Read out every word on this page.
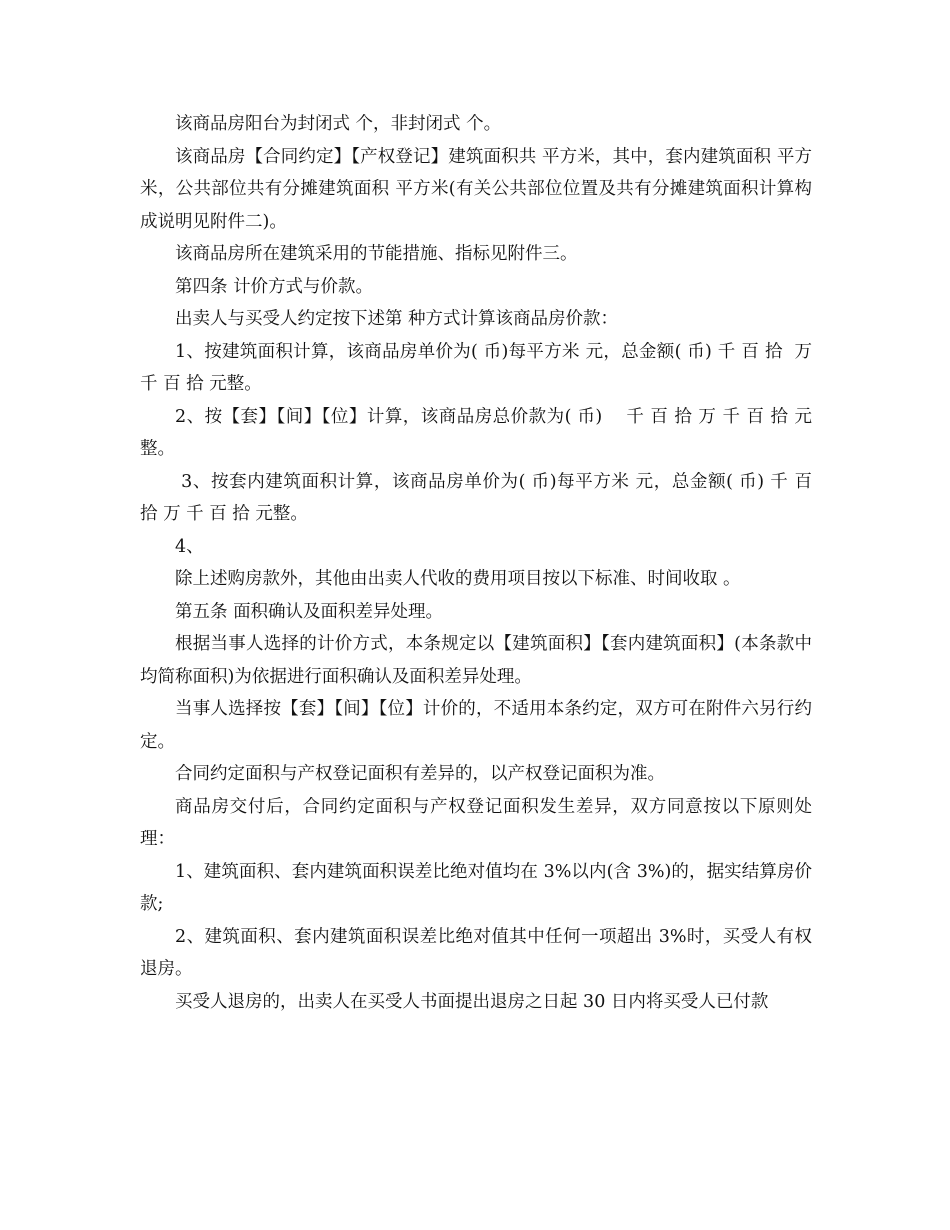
该商品房阳台为封闭式 个，非封闭式 个。

该商品房【合同约定】【产权登记】建筑面积共 平方米，其中，套内建筑面积 平方米，公共部位共有分摊建筑面积 平方米(有关公共部位位置及共有分摊建筑面积计算构成说明见附件二)。

该商品房所在建筑采用的节能措施、指标见附件三。

第四条 计价方式与价款。

出卖人与买受人约定按下述第 种方式计算该商品房价款：

1、按建筑面积计算，该商品房单价为( 币)每平方米 元，总金额( 币) 千 百 拾  万 千 百 拾 元整。

2、按【套】【间】【位】计算，该商品房总价款为( 币)    千 百 拾 万 千 百 拾 元整。

3、按套内建筑面积计算，该商品房单价为( 币)每平方米 元，总金额( 币) 千 百  拾 万 千 百 拾 元整。

4、

除上述购房款外，其他由出卖人代收的费用项目按以下标准、时间收取 。

第五条 面积确认及面积差异处理。

根据当事人选择的计价方式，本条规定以【建筑面积】【套内建筑面积】(本条款中均简称面积)为依据进行面积确认及面积差异处理。

当事人选择按【套】【间】【位】计价的，不适用本条约定，双方可在附件六另行约定。

合同约定面积与产权登记面积有差异的，以产权登记面积为准。

商品房交付后，合同约定面积与产权登记面积发生差异，双方同意按以下原则处理：

1、建筑面积、套内建筑面积误差比绝对值均在 3%以内(含 3%)的，据实结算房价款;

2、建筑面积、套内建筑面积误差比绝对值其中任何一项超出 3%时，买受人有权退房。

买受人退房的，出卖人在买受人书面提出退房之日起 30 日内将买受人已付款
